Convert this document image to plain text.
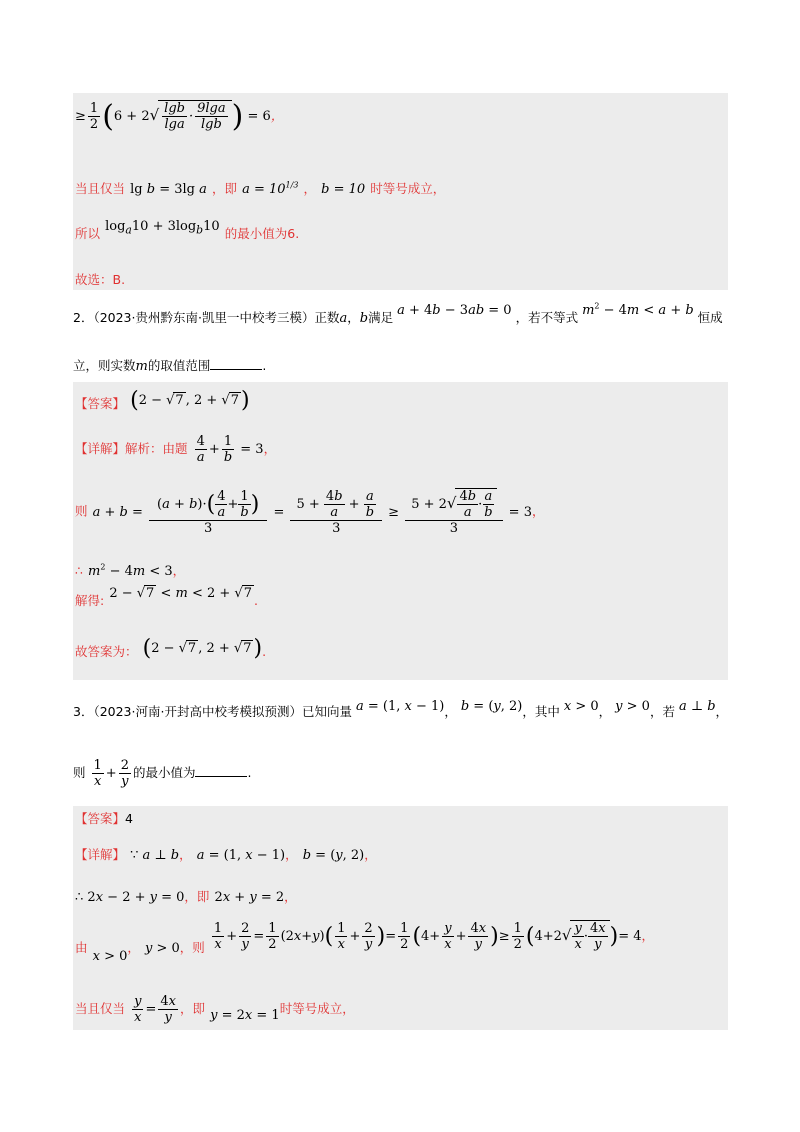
≥ $\frac{1}{2} (6 + 2√ \frac{\lg b}{\lg a} \cdot \frac{9\lg a}{\lg b}$ ) = 6，
当且仅当 lg b = 3lg a ，即 $a = 10^{1/3}$ ， b = 10 时等号成立，
所以 $^{log_a10 + 3log_b10}$ 的最小值为6.
故选：B.
2．（2023·贵州黔东南·凯里一中校考三模）正数a，b满足 a + 4b − 3ab = 0 ，若不等式 $m^2 - 4m < a + b$ 恒成
立，则实数m的取值范围	.
【答案】 $^{(2 - √7 , 2 + √7)}$
【详解】解析：由题 $\frac{4}{a} + \frac{1}{b} = 3$，
则 $a + b = \frac{(a + b)\cdot( \frac{4}{a} + \frac{1}{b} )}{3} = \frac{5 + \frac{4b}{a} + \frac{a}{b}}{3} \ge \frac{5 + 2√ \frac{4b}{a} \cdot \frac{a}{b}}{3} = 3$，
∴ $m^2 - 4m < 3$，
解得: $^{2 - √7 < m < 2 + √7}$ .
故答案为： $^{(2 - √7 , 2 + √7)}$.
3．（2023·河南·开封高中校考模拟预测）已知向量 a = (1, x − 1)， b = (y, 2)，其中 x > 0， y > 0，若 a ⊥ b，
则 $\frac{1}{x} + \frac{2}{y}$ 的最小值为	.
【答案】4
【详解】 ∵ a ⊥ b， a = (1, x − 1)， b = (y, 2)，
∴ 2x − 2 + y = 0，即 2x + y = 2，
$_由$ $_{x > 0,}$ $_{y > 0,则} \frac{1}{x} + \frac{2}{y} = \frac{1}{2} (2x+y)( \frac{1}{x} + \frac{2}{y}$ )= $\frac{1}{2} (4+ \frac{y}{x} + \frac{4x}{y}$ )≥ $\frac{1}{2} (4+2√ \frac{y}{x} \cdot \frac{4x}{y}$ )= 4，
当且仅当 $\frac{y}{x} = \frac{4x}{y}$ ，即 $_{y = 2x = 1}$时等号成立，
